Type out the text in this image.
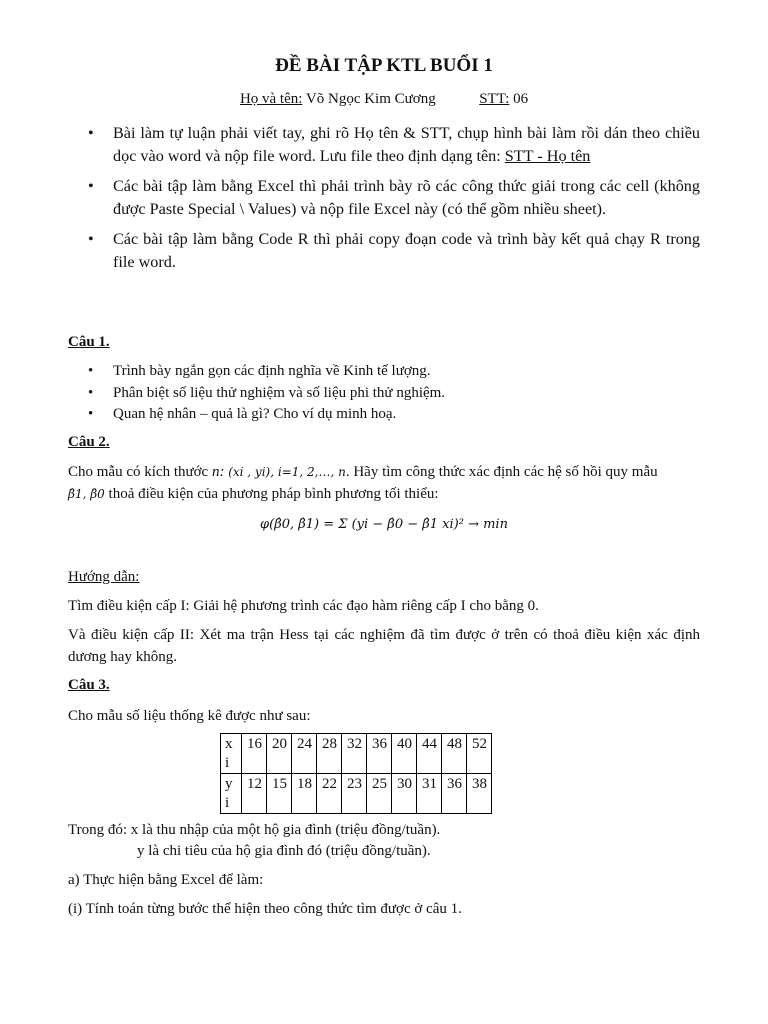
ĐỀ BÀI TẬP KTL BUỔI 1
Họ và tên: Võ Ngọc Kim Cương	STT: 06
• Bài làm tự luận phải viết tay, ghi rõ Họ tên & STT, chụp hình bài làm rồi dán theo chiều dọc vào word và nộp file word. Lưu file theo định dạng tên: STT - Họ tên
• Các bài tập làm bằng Excel thì phải trình bày rõ các công thức giải trong các cell (không được Paste Special \ Values) và nộp file Excel này (có thể gồm nhiều sheet).
• Các bài tập làm bằng Code R thì phải copy đoạn code và trình bày kết quả chạy R trong file word.
Câu 1.
• Trình bày ngắn gọn các định nghĩa về Kinh tế lượng.
• Phân biệt số liệu thử nghiệm và số liệu phi thử nghiệm.
• Quan hệ nhân – quả là gì? Cho ví dụ minh hoạ.
Câu 2.
Cho mẫu có kích thước n: (xi , yi), i=1, 2,…, n. Hãy tìm công thức xác định các hệ số hồi quy mẫu
β̂1, β̂0 thoả điều kiện của phương pháp bình phương tối thiểu:
φ(β̂0, β̂1) = Σ (yi − β̂0 − β̂1 xi)² → min
Hướng dẫn:
Tìm điều kiện cấp I: Giải hệ phương trình các đạo hàm riêng cấp I cho bằng 0.
Và điều kiện cấp II: Xét ma trận Hess tại các nghiệm đã tìm được ở trên có thoả điều kiện xác định dương hay không.
Câu 3.
Cho mẫu số liệu thống kê được như sau:
x i	16	20	24	28	32	36	40	44	48	52
y i	12	15	18	22	23	25	30	31	36	38
Trong đó: x là thu nhập của một hộ gia đình (triệu đồng/tuần).
y là chi tiêu của hộ gia đình đó (triệu đồng/tuần).
a) Thực hiện bằng Excel để làm:
(i) Tính toán từng bước thể hiện theo công thức tìm được ở câu 1.
